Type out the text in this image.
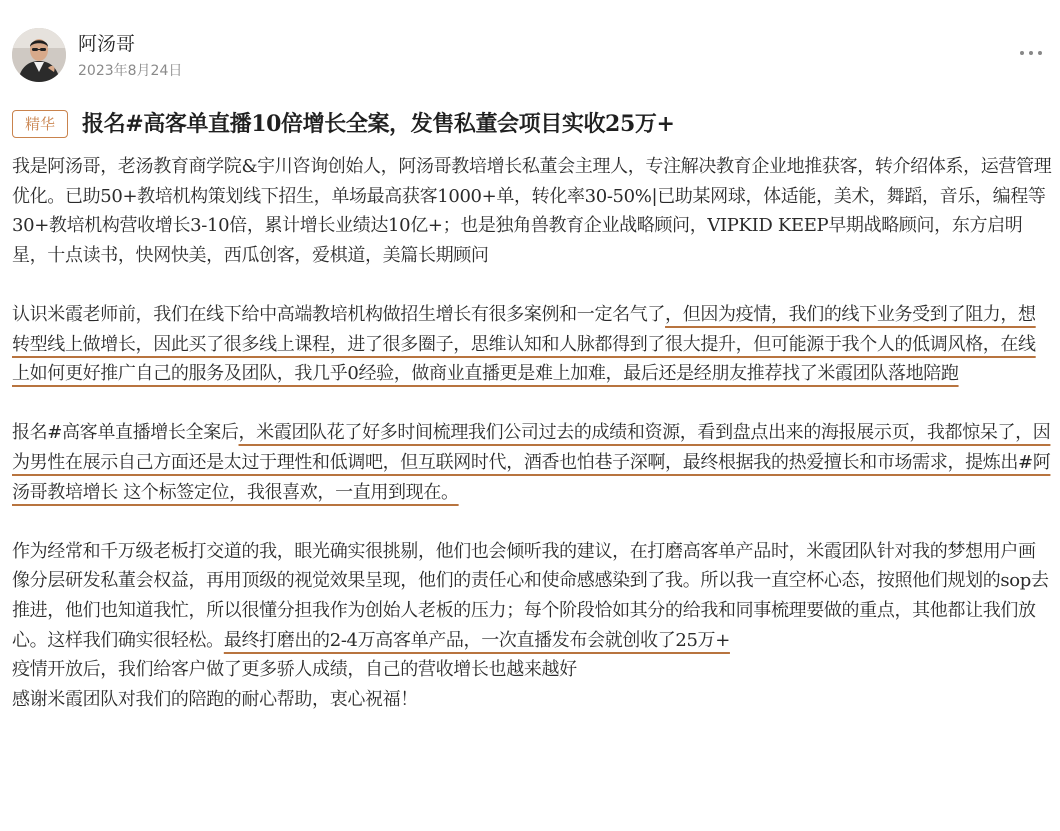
阿汤哥
2023年8月24日
精华	报名#高客单直播10倍增长全案，发售私董会项目实收25万+

我是阿汤哥，老汤教育商学院&宇川咨询创始人，阿汤哥教培增长私董会主理人，专注解决教育企业地推获客，转介绍体系，运营管理优化。已助50+教培机构策划线下招生，单场最高获客1000+单，转化率30-50%|已助某网球，体适能，美术，舞蹈，音乐，编程等30+教培机构营收增长3-10倍，累计增长业绩达10亿+；也是独角兽教育企业战略顾问，VIPKID KEEP早期战略顾问，东方启明星，十点读书，快网快美，西瓜创客，爱棋道，美篇长期顾问

认识米霞老师前，我们在线下给中高端教培机构做招生增长有很多案例和一定名气了，但因为疫情，我们的线下业务受到了阻力，想转型线上做增长，因此买了很多线上课程，进了很多圈子，思维认知和人脉都得到了很大提升，但可能源于我个人的低调风格，在线上如何更好推广自己的服务及团队，我几乎0经验，做商业直播更是难上加难，最后还是经朋友推荐找了米霞团队落地陪跑

报名#高客单直播增长全案后，米霞团队花了好多时间梳理我们公司过去的成绩和资源，看到盘点出来的海报展示页，我都惊呆了，因为男性在展示自己方面还是太过于理性和低调吧，但互联网时代，酒香也怕巷子深啊，最终根据我的热爱擅长和市场需求，提炼出#阿汤哥教培增长 这个标签定位，我很喜欢，一直用到现在。

作为经常和千万级老板打交道的我，眼光确实很挑剔，他们也会倾听我的建议，在打磨高客单产品时，米霞团队针对我的梦想用户画像分层研发私董会权益，再用顶级的视觉效果呈现，他们的责任心和使命感感染到了我。所以我一直空杯心态，按照他们规划的sop去推进，他们也知道我忙，所以很懂分担我作为创始人老板的压力；每个阶段恰如其分的给我和同事梳理要做的重点，其他都让我们放心。这样我们确实很轻松。最终打磨出的2-4万高客单产品，一次直播发布会就创收了25万+

疫情开放后，我们给客户做了更多骄人成绩，自己的营收增长也越来越好

感谢米霞团队对我们的陪跑的耐心帮助，衷心祝福！
